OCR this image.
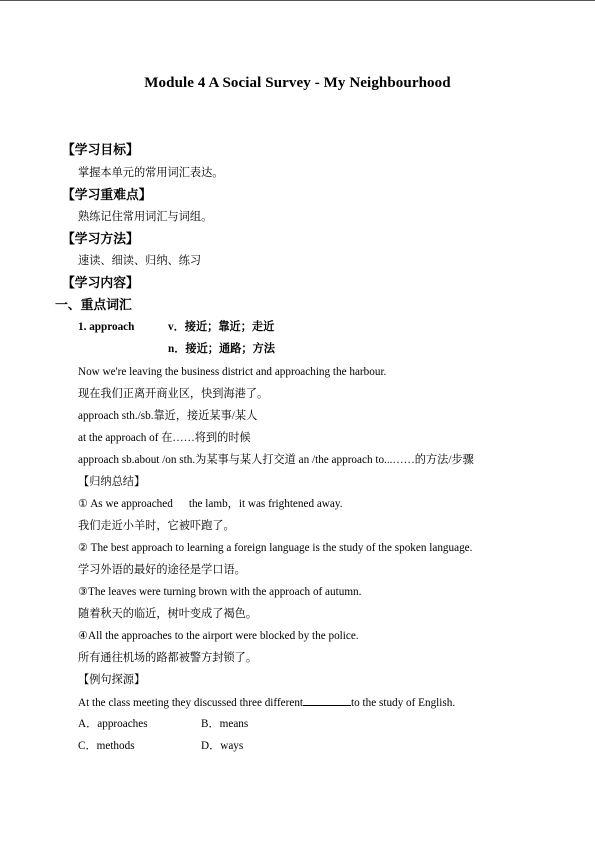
Module 4 A Social Survey - My Neighbourhood
【学习目标】
掌握本单元的常用词汇表达。
【学习重难点】
熟练记住常用词汇与词组。
【学习方法】
速读、细读、归纳、练习
【学习内容】
一、重点词汇
1. approach	v．接近；靠近；走近
n．接近；通路；方法
Now we're leaving the business district and approaching the harbour.
现在我们正离开商业区，快到海港了。
approach sth./sb.靠近，接近某事/某人
at the approach of 在……将到的时候
approach sb.about /on sth.为某事与某人打交道 an /the approach to...……的方法/步骤
【归纳总结】
① As we approached the lamb，it was frightened away.
我们走近小羊时，它被吓跑了。
② The best approach to learning a foreign language is the study of the spoken language.
学习外语的最好的途径是学口语。
③The leaves were turning brown with the approach of autumn.
随着秋天的临近，树叶变成了褐色。
④All the approaches to the airport were blocked by the police.
所有通往机场的路都被警方封锁了。
【例句探源】
At the class meeting they discussed three different	to the study of English.
A．approaches	B．means
C．methods	D．ways
